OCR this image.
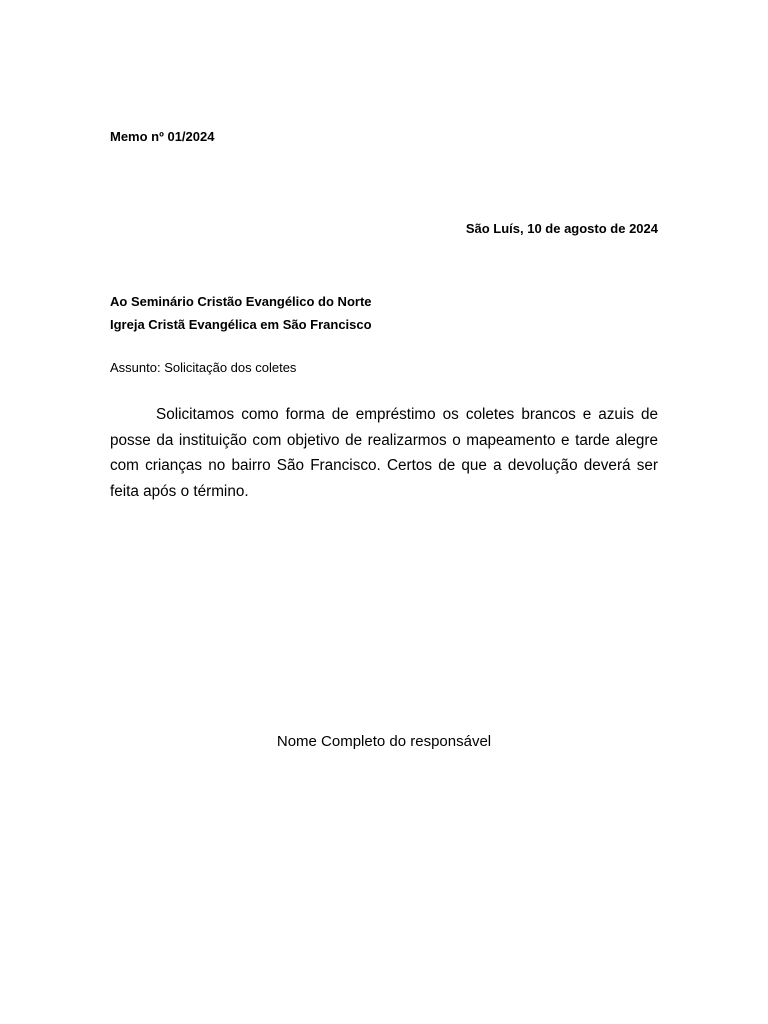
Memo nº 01/2024

São Luís, 10 de agosto de 2024

Ao Seminário Cristão Evangélico do Norte
Igreja Cristã Evangélica em São Francisco

Assunto: Solicitação dos coletes

Solicitamos como forma de empréstimo os coletes brancos e azuis de posse da instituição com objetivo de realizarmos o mapeamento e tarde alegre com crianças no bairro São Francisco. Certos de que a devolução deverá ser feita após o término.

Nome Completo do responsável
